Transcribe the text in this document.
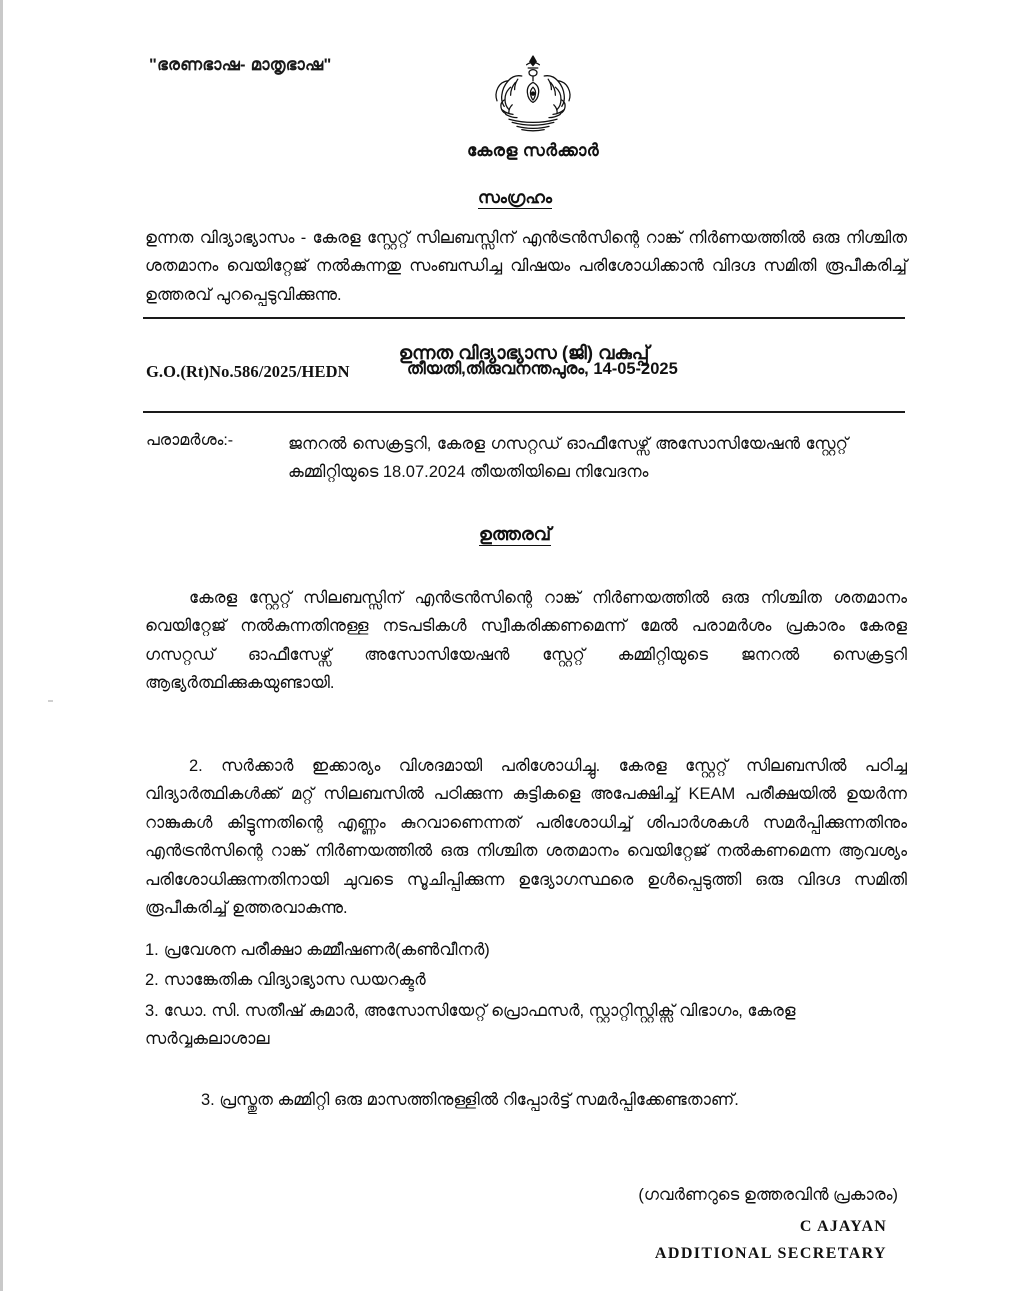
"ഭരണഭാഷ- മാതൃഭാഷ"
കേരള സർക്കാർ
സംഗ്രഹം
ഉന്നത വിദ്യാഭ്യാസം - കേരള സ്റ്റേറ്റ് സിലബസ്സിന് എൻട്രൻസിന്റെ റാങ്ക് നിർണയത്തിൽ ഒരു നിശ്ചിത ശതമാനം വെയിറ്റേജ് നൽകുന്നതു സംബന്ധിച്ച വിഷയം പരിശോധിക്കാൻ വിദഗ്ദ സമിതി രൂപീകരിച്ച് ഉത്തരവ് പുറപ്പെടുവിക്കുന്നു.
ഉന്നത വിദ്യാഭ്യാസ (ജി) വകുപ്പ്
G.O.(Rt)No.586/2025/HEDN	തീയതി,തിരുവനന്തപുരം, 14-05-2025
പരാമർശം:-	ജനറൽ സെക്രട്ടറി, കേരള ഗസറ്റഡ് ഓഫീസേഴ്സ് അസോസിയേഷൻ സ്റ്റേറ്റ് കമ്മിറ്റിയുടെ 18.07.2024 തീയതിയിലെ നിവേദനം
ഉത്തരവ്
കേരള സ്റ്റേറ്റ് സിലബസ്സിന് എൻട്രൻസിന്റെ റാങ്ക് നിർണയത്തിൽ ഒരു നിശ്ചിത ശതമാനം വെയിറ്റേജ് നൽകുന്നതിനുള്ള നടപടികൾ സ്വീകരിക്കണമെന്ന് മേൽ പരാമർശം പ്രകാരം കേരള ഗസറ്റഡ് ഓഫീസേഴ്സ് അസോസിയേഷൻ സ്റ്റേറ്റ് കമ്മിറ്റിയുടെ ജനറൽ സെക്രട്ടറി ആഭ്യർത്ഥിക്കുകയുണ്ടായി.
2. സർക്കാർ ഇക്കാര്യം വിശദമായി പരിശോധിച്ചു. കേരള സ്റ്റേറ്റ് സിലബസിൽ പഠിച്ച വിദ്യാർത്ഥികൾക്ക് മറ്റ് സിലബസിൽ പഠിക്കുന്ന കുട്ടികളെ അപേക്ഷിച്ച് KEAM പരീക്ഷയിൽ ഉയർന്ന റാങ്കുകൾ കിട്ടുന്നതിന്റെ എണ്ണം കുറവാണെന്നത് പരിശോധിച്ച് ശിപാർശകൾ സമർപ്പിക്കുന്നതിനും എൻട്രൻസിന്റെ റാങ്ക് നിർണയത്തിൽ ഒരു നിശ്ചിത ശതമാനം വെയിറ്റേജ് നൽകണമെന്ന ആവശ്യം പരിശോധിക്കുന്നതിനായി ചുവടെ സൂചിപ്പിക്കുന്ന ഉദ്യോഗസ്ഥരെ ഉൾപ്പെടുത്തി ഒരു വിദഗ്ദ സമിതി രൂപീകരിച്ച് ഉത്തരവാകുന്നു.
1. പ്രവേശന പരീക്ഷാ കമ്മീഷണർ(കൺവീനർ)
2. സാങ്കേതിക വിദ്യാഭ്യാസ ഡയറക്ടർ
3. ഡോ. സി. സതീഷ് കുമാർ, അസോസിയേറ്റ് പ്രൊഫസർ, സ്റ്റാറ്റിസ്റ്റിക്സ് വിഭാഗം, കേരള സർവ്വകലാശാല
3. പ്രസ്തുത കമ്മിറ്റി ഒരു മാസത്തിനുള്ളിൽ റിപ്പോർട്ട് സമർപ്പിക്കേണ്ടതാണ്.
(ഗവർണറുടെ ഉത്തരവിൻ പ്രകാരം)
C AJAYAN
ADDITIONAL SECRETARY
